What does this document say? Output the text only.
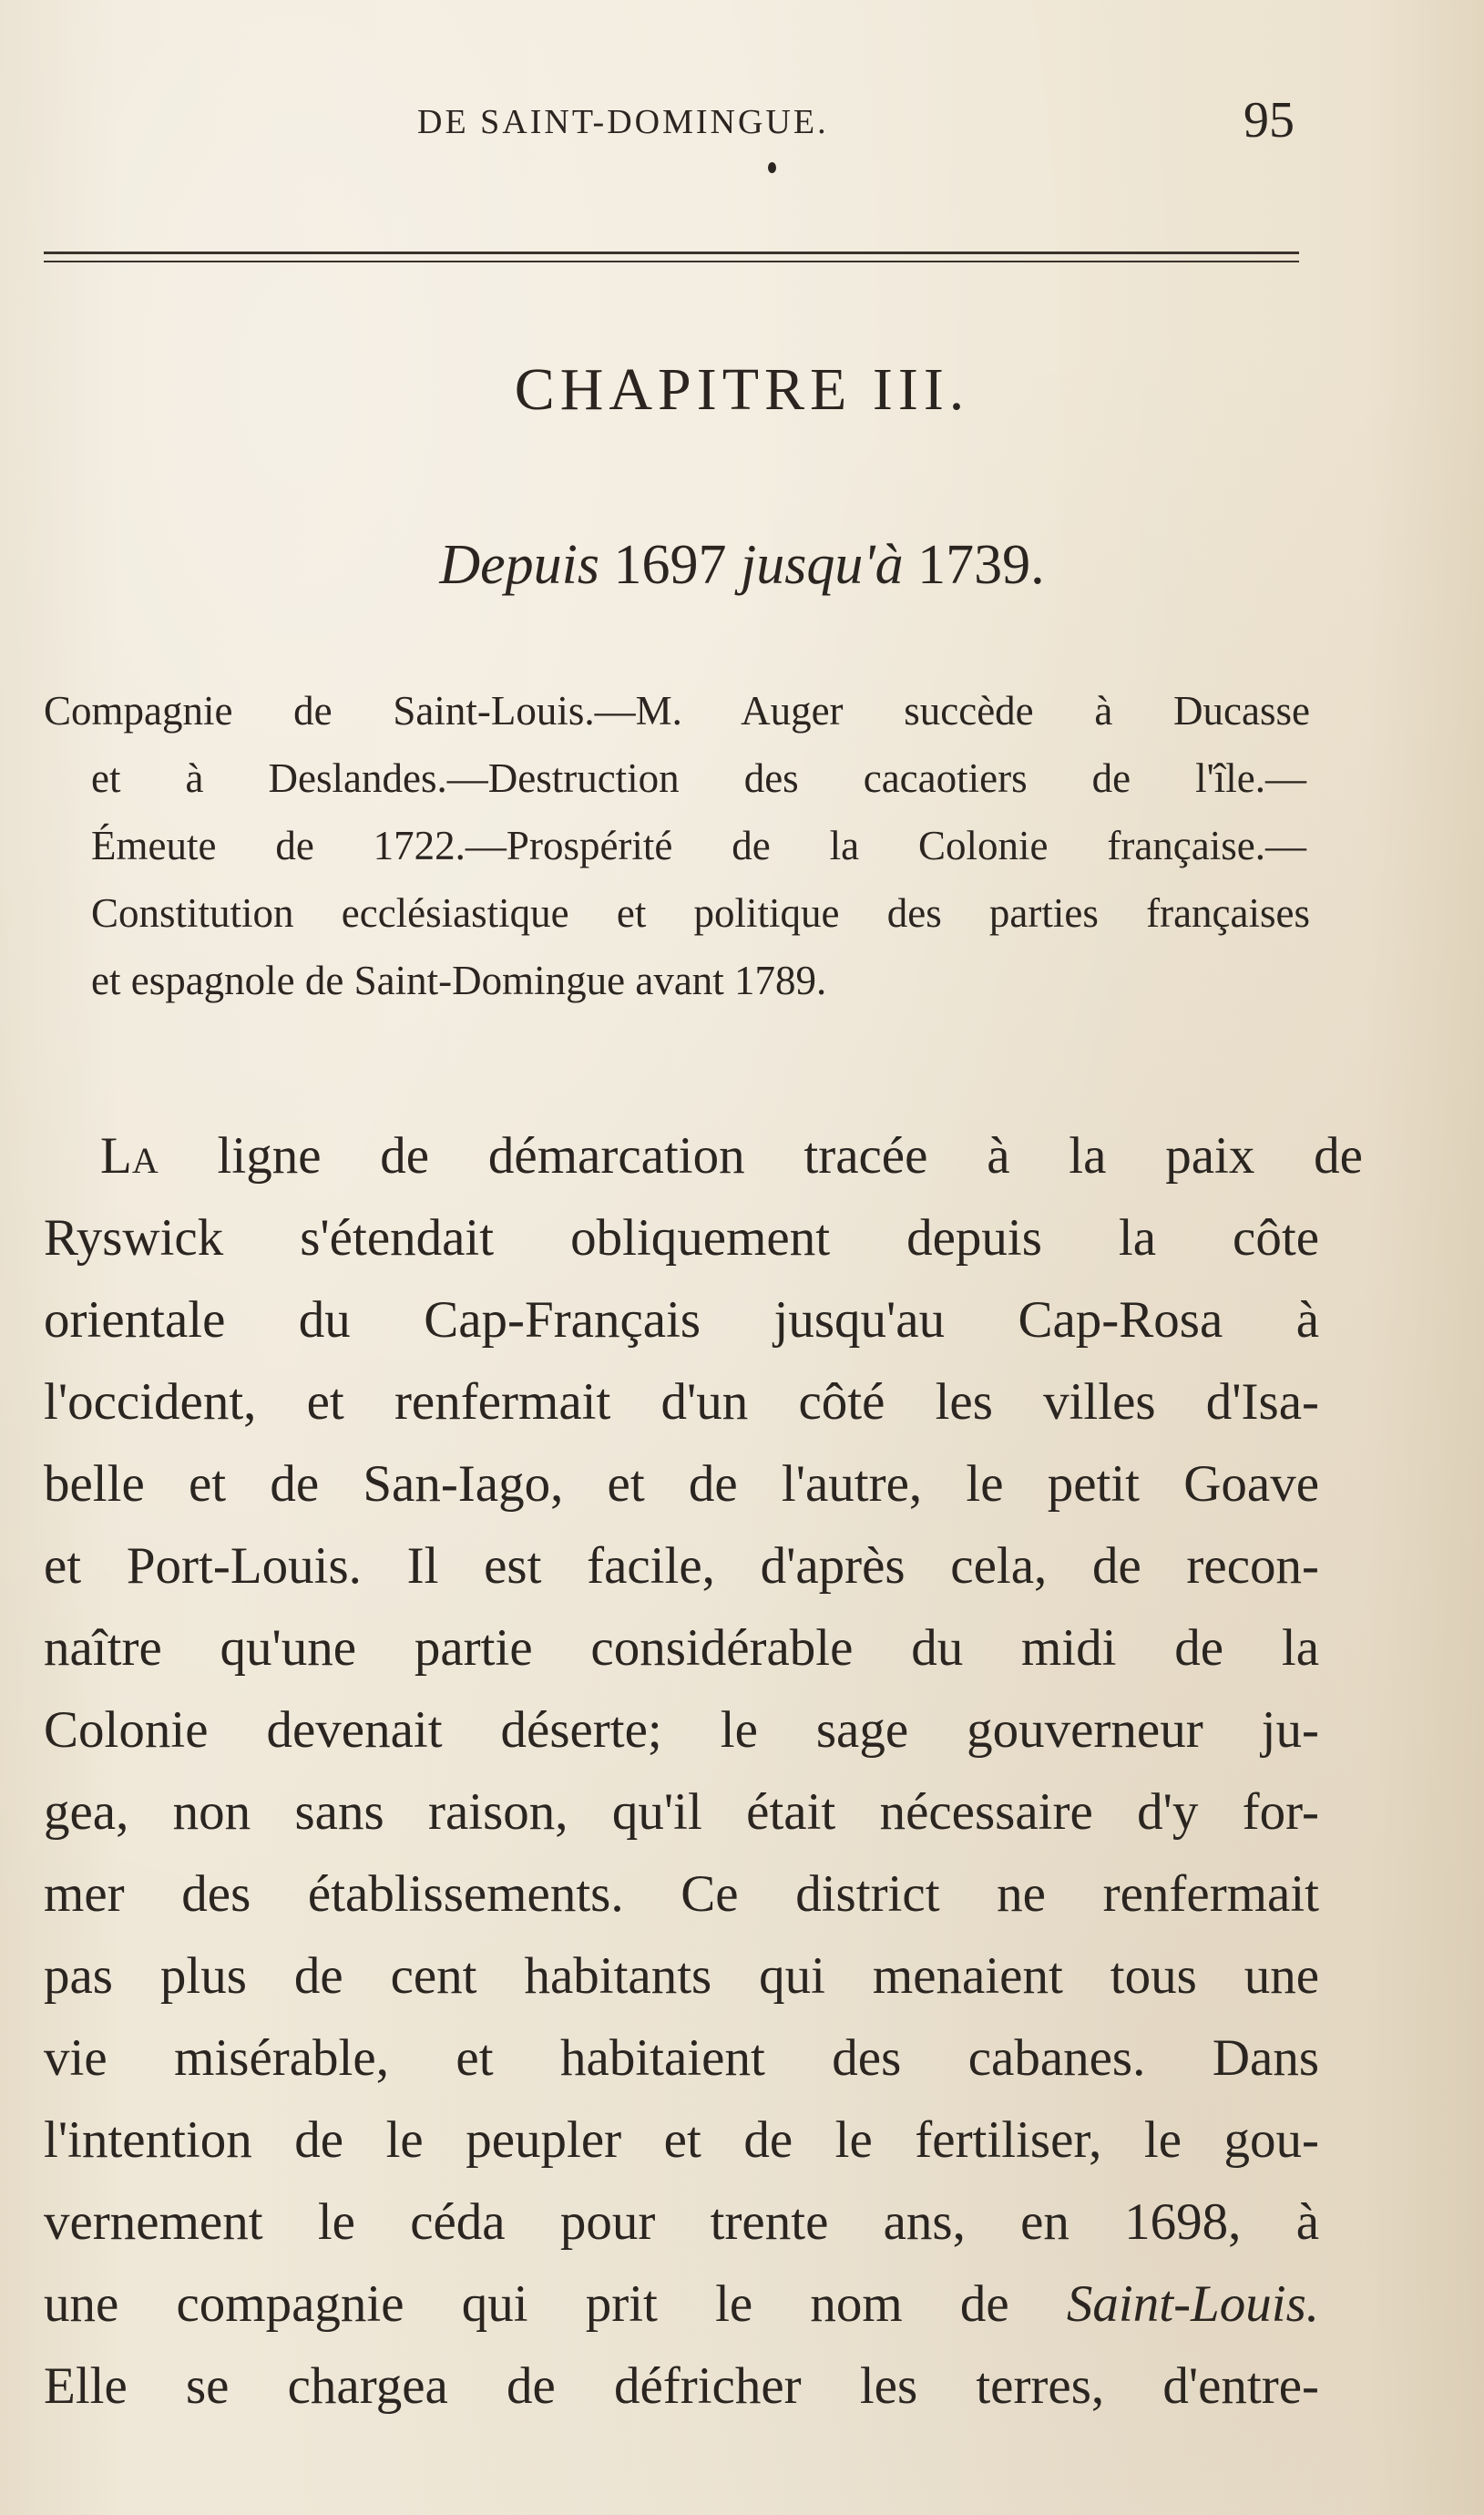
DE SAINT-DOMINGUE.	95
CHAPITRE III.
Depuis 1697 jusqu'à 1739.
Compagnie de Saint-Louis.—M. Auger succède à Ducasse
et à Deslandes.—Destruction des cacaotiers de l'île.—
Émeute de 1722.—Prospérité de la Colonie française.—
Constitution ecclésiastique et politique des parties françaises
et espagnole de Saint-Domingue avant 1789.
La ligne de démarcation tracée à la paix de
Ryswick s'étendait obliquement depuis la côte
orientale du Cap-Français jusqu'au Cap-Rosa à
l'occident, et renfermait d'un côté les villes d'Isa-
belle et de San-Iago, et de l'autre, le petit Goave
et Port-Louis. Il est facile, d'après cela, de recon-
naître qu'une partie considérable du midi de la
Colonie devenait déserte; le sage gouverneur ju-
gea, non sans raison, qu'il était nécessaire d'y for-
mer des établissements. Ce district ne renfermait
pas plus de cent habitants qui menaient tous une
vie misérable, et habitaient des cabanes. Dans
l'intention de le peupler et de le fertiliser, le gou-
vernement le céda pour trente ans, en 1698, à
une compagnie qui prit le nom de Saint-Louis.
Elle se chargea de défricher les terres, d'entre-
